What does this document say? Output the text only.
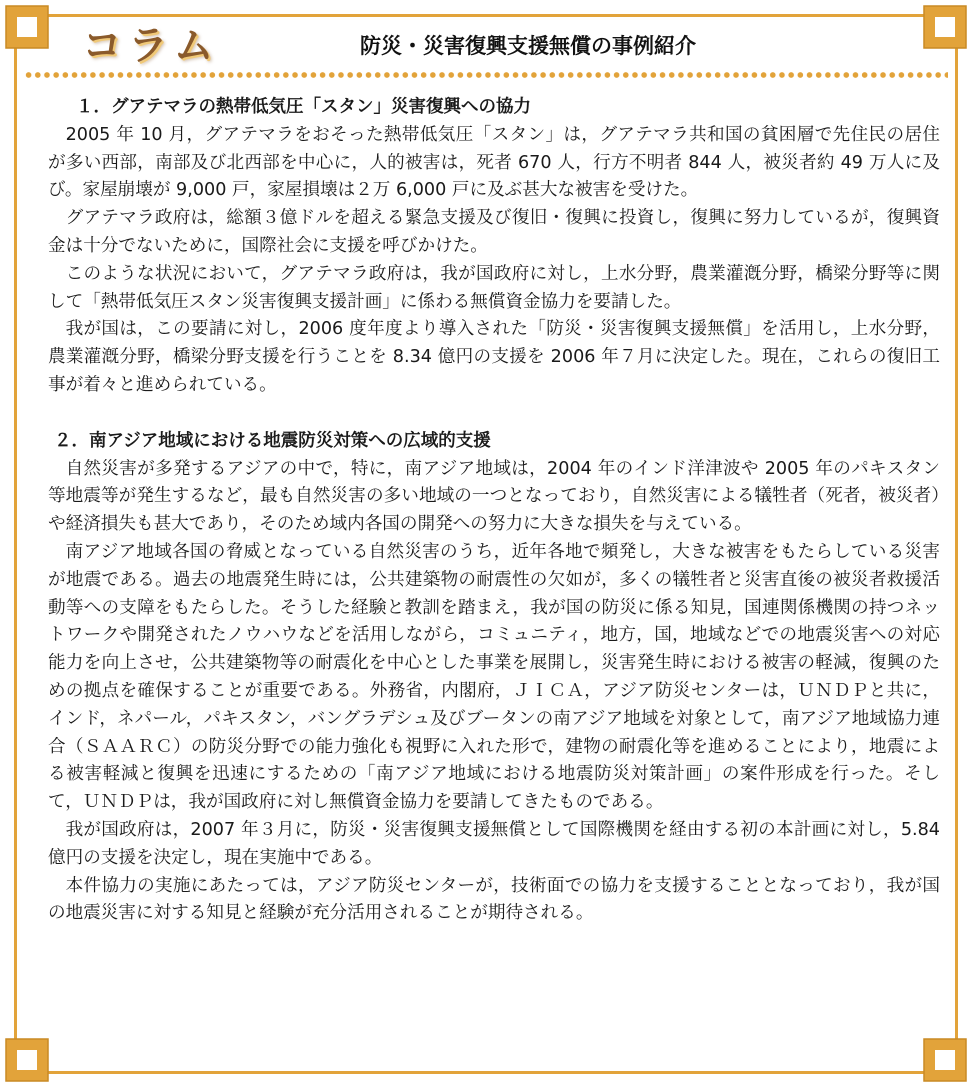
コラム	防災・災害復興支援無償の事例紹介
１．グアテマラの熱帯低気圧「スタン」災害復興への協力

2005 年 10 月，グアテマラをおそった熱帯低気圧「スタン」は，グアテマラ共和国の貧困層で先住民の居住が多い西部，南部及び北西部を中心に，人的被害は，死者 670 人，行方不明者 844 人，被災者約 49 万人に及び。家屋崩壊が 9,000 戸，家屋損壊は２万 6,000 戸に及ぶ甚大な被害を受けた。

グアテマラ政府は，総額３億ドルを超える緊急支援及び復旧・復興に投資し，復興に努力しているが，復興資金は十分でないために，国際社会に支援を呼びかけた。

このような状況において，グアテマラ政府は，我が国政府に対し，上水分野，農業灌漑分野，橋梁分野等に関して「熱帯低気圧スタン災害復興支援計画」に係わる無償資金協力を要請した。

我が国は，この要請に対し，2006 度年度より導入された「防災・災害復興支援無償」を活用し，上水分野，農業灌漑分野，橋梁分野支援を行うことを 8.34 億円の支援を 2006 年７月に決定した。現在，これらの復旧工事が着々と進められている。

２．南アジア地域における地震防災対策への広域的支援

自然災害が多発するアジアの中で，特に，南アジア地域は，2004 年のインド洋津波や 2005 年のパキスタン等地震等が発生するなど，最も自然災害の多い地域の一つとなっており，自然災害による犠牲者（死者，被災者）や経済損失も甚大であり，そのため域内各国の開発への努力に大きな損失を与えている。

南アジア地域各国の脅威となっている自然災害のうち，近年各地で頻発し，大きな被害をもたらしている災害が地震である。過去の地震発生時には，公共建築物の耐震性の欠如が，多くの犠牲者と災害直後の被災者救援活動等への支障をもたらした。そうした経験と教訓を踏まえ，我が国の防災に係る知見，国連関係機関の持つネットワークや開発されたノウハウなどを活用しながら，コミュニティ，地方，国，地域などでの地震災害への対応能力を向上させ，公共建築物等の耐震化を中心とした事業を展開し，災害発生時における被害の軽減，復興のための拠点を確保することが重要である。外務省，内閣府，ＪＩＣＡ，アジア防災センターは，ＵＮＤＰと共に，インド，ネパール，パキスタン，バングラデシュ及びブータンの南アジア地域を対象として，南アジア地域協力連合（ＳＡＡＲＣ）の防災分野での能力強化も視野に入れた形で，建物の耐震化等を進めることにより，地震による被害軽減と復興を迅速にするための「南アジア地域における地震防災対策計画」の案件形成を行った。そして，ＵＮＤＰは，我が国政府に対し無償資金協力を要請してきたものである。

我が国政府は，2007 年３月に，防災・災害復興支援無償として国際機関を経由する初の本計画に対し，5.84 億円の支援を決定し，現在実施中である。

本件協力の実施にあたっては，アジア防災センターが，技術面での協力を支援することとなっており，我が国の地震災害に対する知見と経験が充分活用されることが期待される。
